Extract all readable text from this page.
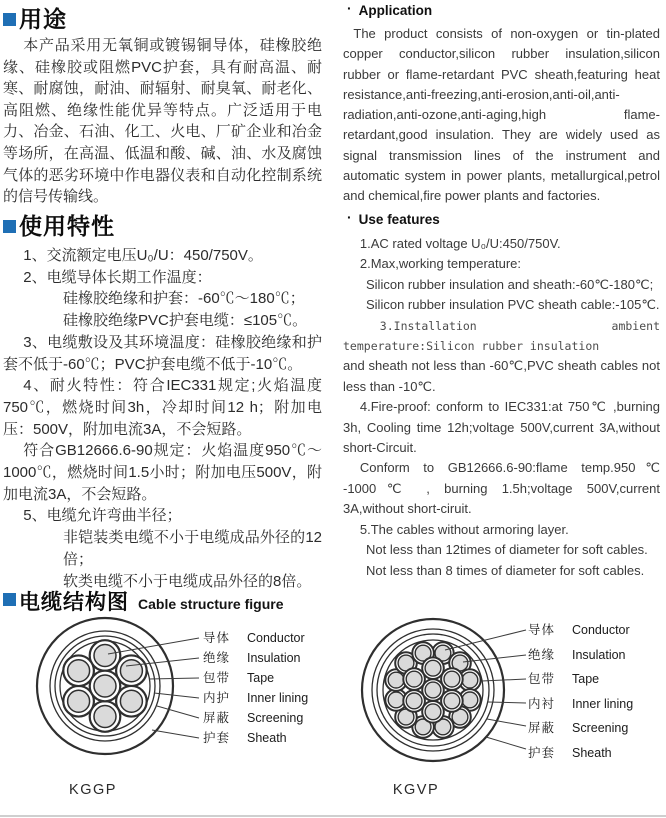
用途
本产品采用无氧铜或镀锡铜导体，硅橡胶绝缘、硅橡胶或阻燃PVC护套，具有耐高温、耐寒、耐腐蚀，耐油、耐辐射、耐臭氧、耐老化、高阻燃、绝缘性能优异等特点。广泛适用于电力、冶金、石油、化工、火电、厂矿企业和冶金等场所，在高温、低温和酸、碱、油、水及腐蚀气体的恶劣环境中作电器仪表和自动化控制系统的信号传输线。
· Application
The product consists of non-oxygen or tin-plated copper conductor,silicon rubber insulation,silicon rubber or flame-retardant PVC sheath,featuring heat resistance,anti-freezing,anti-erosion,anti-oil,anti-radiation,anti-ozone,anti-aging,high flame-retardant,good insulation. They are widely used as signal transmission lines of the instrument and automatic system in power plants, metallurgical,petrol and chemical,fire power plants and factories.
使用特性
1、交流额定电压U₀/U：450/750V。
2、电缆导体长期工作温度：
硅橡胶绝缘和护套：-60℃～180℃；
硅橡胶绝缘PVC护套电缆：≤105℃。
3、电缆敷设及其环境温度：硅橡胶绝缘和护套不低于-60℃；PVC护套电缆不低于-10℃。
4、耐火特性：符合IEC331规定;火焰温度750℃，燃烧时间3h，冷却时间12 h；附加电压：500V，附加电流3A，不会短路。
符合GB12666.6-90规定：火焰温度950℃～1000℃，燃烧时间1.5小时；附加电压500V，附加电流3A，不会短路。
5、电缆允许弯曲半径；
非铠装类电缆不小于电缆成品外径的12倍；
软类电缆不小于电缆成品外径的8倍。
· Use features
1.AC rated voltage U₀/U:450/750V.
2.Max,working temperature:
Silicon rubber insulation and sheath:-60℃-180℃;
Silicon rubber insulation PVC sheath cable:-105℃.
3.Installation ambient temperature:Silicon rubber insulation
and sheath not less than -60℃,PVC sheath cables not less than -10℃.
4.Fire-proof: conform to IEC331:at 750℃ ,burning 3h, Cooling time 12h;voltage 500V,current 3A,without short-Circuit.
Conform to GB12666.6-90:flame temp.950℃ -1000℃ , burning 1.5h;voltage 500V,current 3A,without short-ciruit.
5.The cables without armoring layer.
Not less than 12times of diameter for soft cables.
Not less than 8 times of diameter for soft cables.
电缆结构图 Cable structure figure
导体	Conductor
绝缘	Insulation
包带	Tape
内护	Inner lining
屏蔽	Screening
护套	Sheath
KGGP
导体	Conductor
绝缘	Insulation
包带	Tape
内衬	Inner lining
屏蔽	Screening
护套	Sheath
KGVP
